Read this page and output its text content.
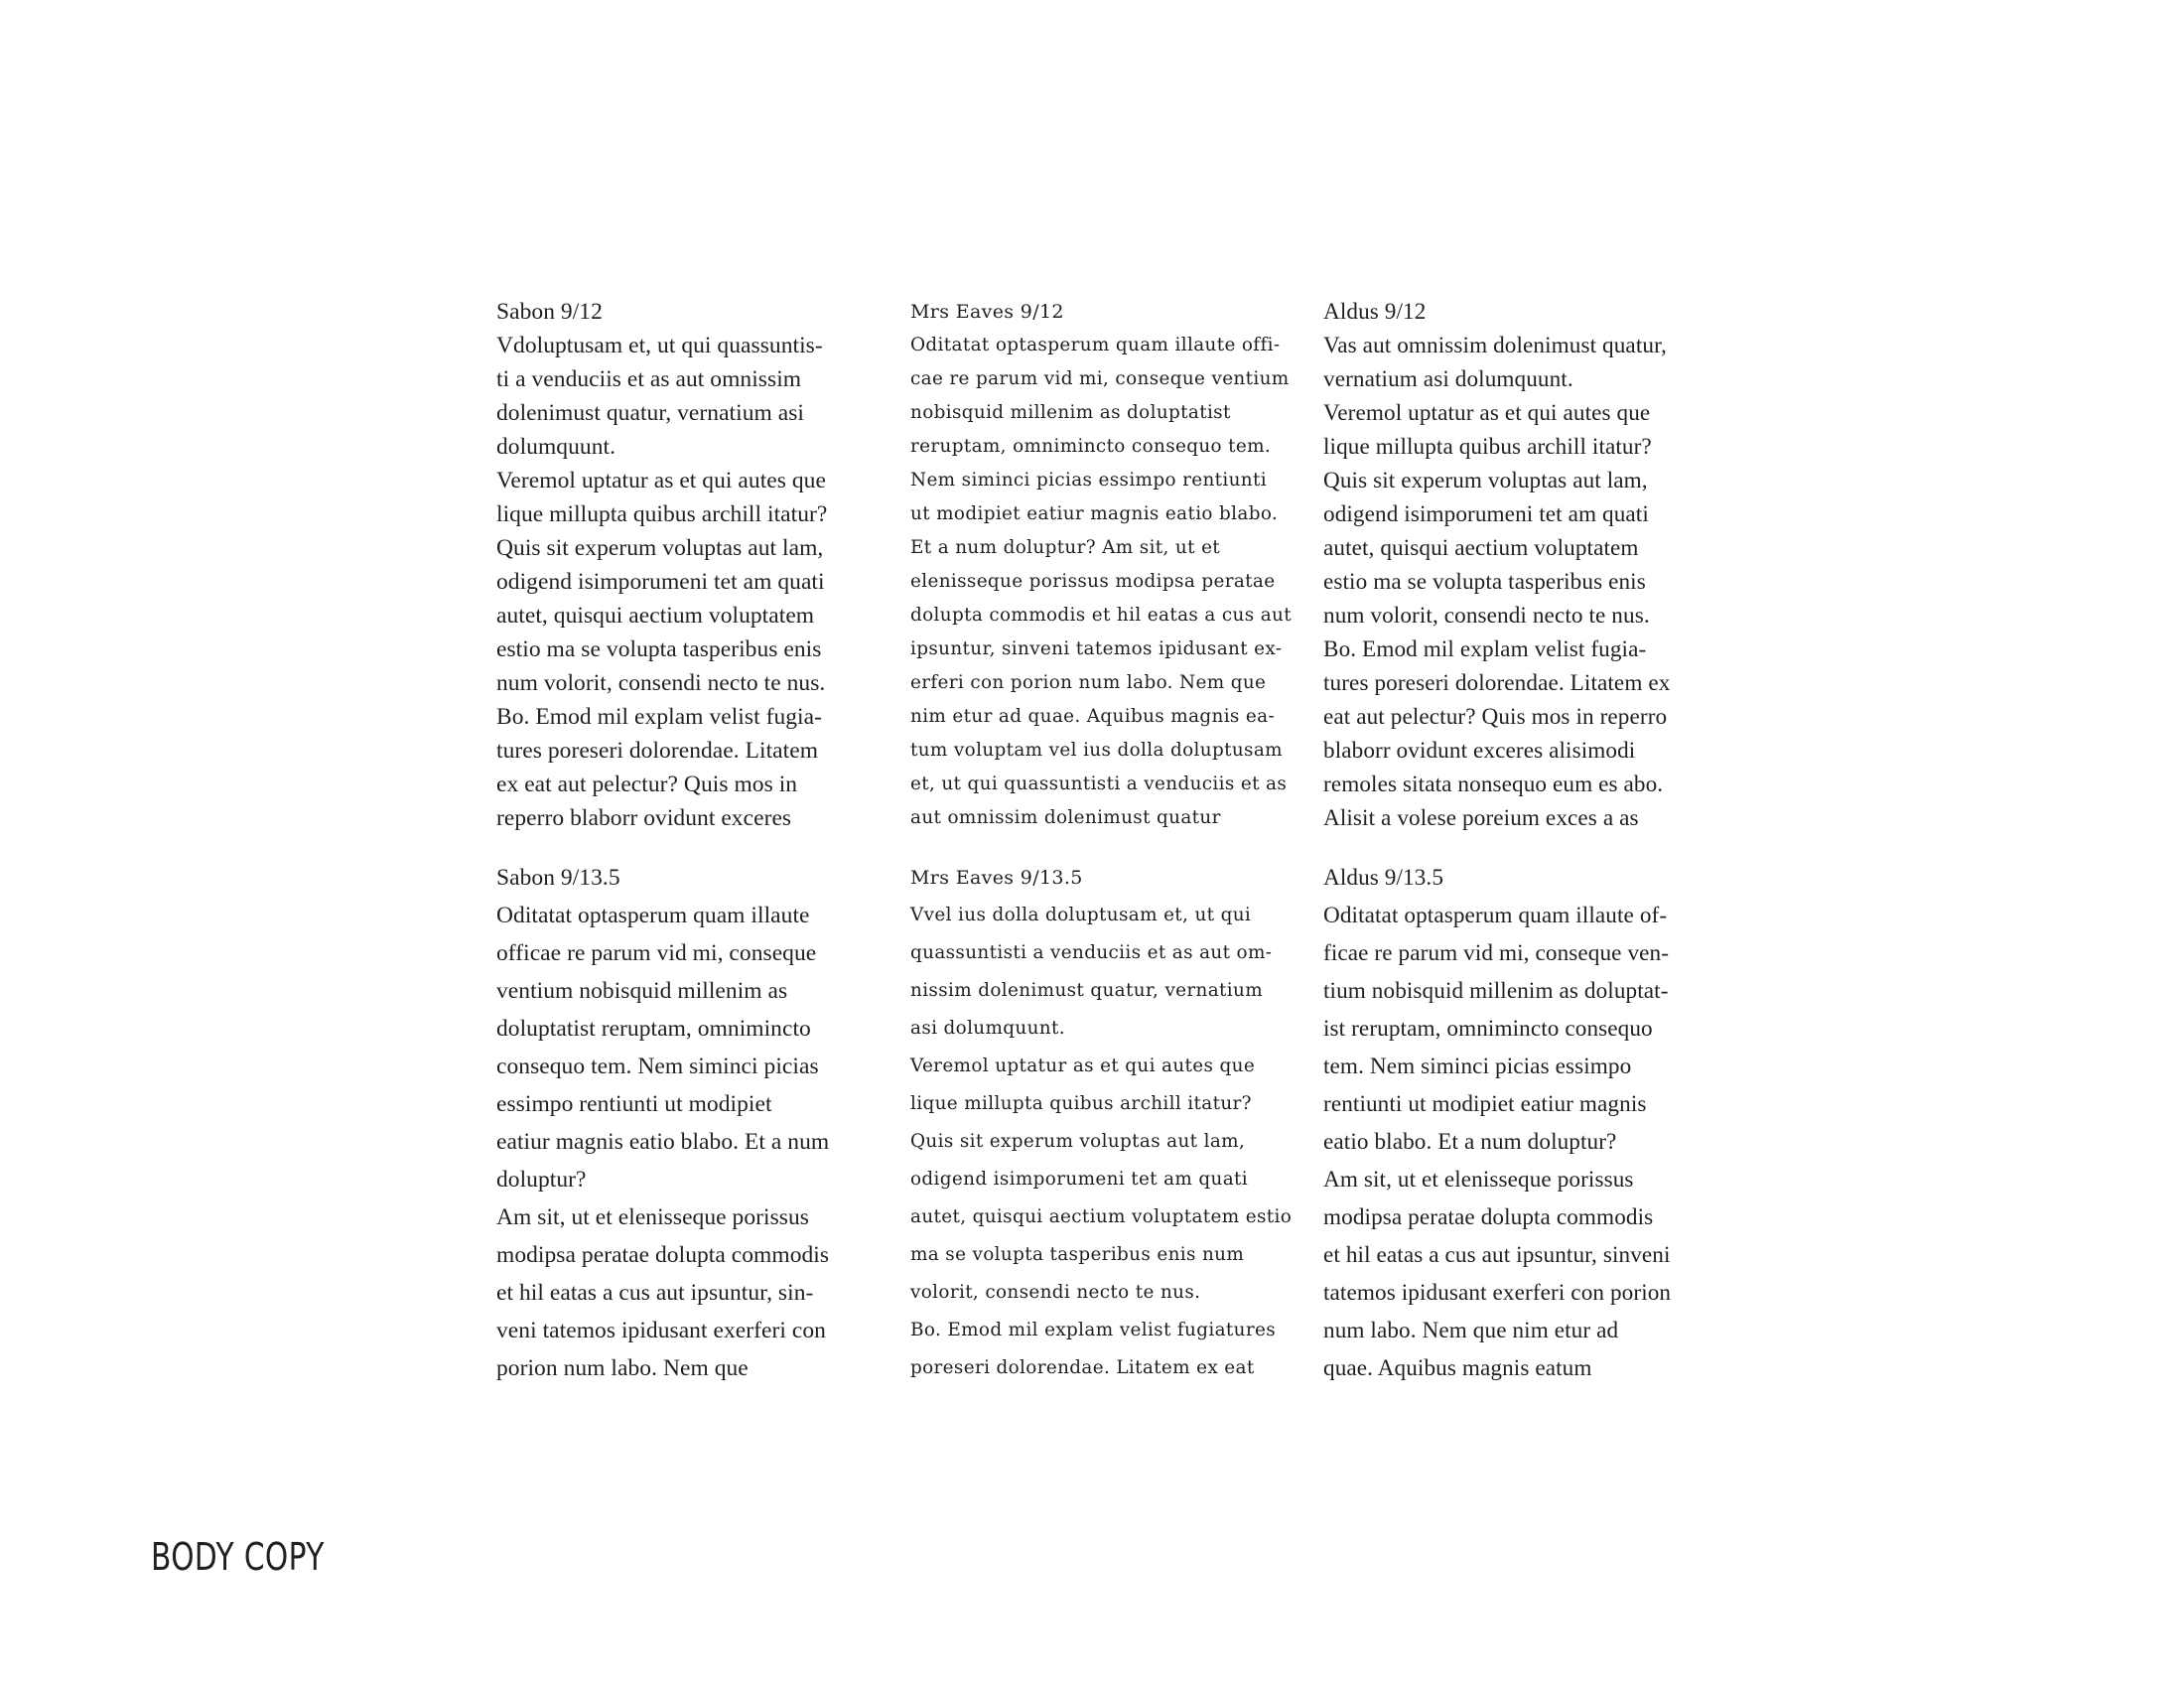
Sabon 9/12

Vdoluptusam et, ut qui quassuntis-

ti a venduciis et as aut omnissim

dolenimust quatur, vernatium asi

dolumquunt.

Veremol uptatur as et qui autes que

lique millupta quibus archill itatur?

Quis sit experum voluptas aut lam,

odigend isimporumeni tet am quati

autet, quisqui aectium voluptatem

estio ma se volupta tasperibus enis

num volorit, consendi necto te nus.

Bo. Emod mil explam velist fugia-

tures poreseri dolorendae. Litatem

ex eat aut pelectur? Quis mos in

reperro blaborr ovidunt exceres

Mrs Eaves 9/12

Oditatat optasperum quam illaute offi-

cae re parum vid mi, conseque ventium

nobisquid millenim as doluptatist

reruptam, omnimincto consequo tem.

Nem siminci picias essimpo rentiunti

ut modipiet eatiur magnis eatio blabo.

Et a num doluptur? Am sit, ut et

elenisseque porissus modipsa peratae

dolupta commodis et hil eatas a cus aut

ipsuntur, sinveni tatemos ipidusant ex-

erferi con porion num labo. Nem que

nim etur ad quae. Aquibus magnis ea-

tum voluptam vel ius dolla doluptusam

et, ut qui quassuntisti a venduciis et as

aut omnissim dolenimust quatur

Aldus 9/12

Vas aut omnissim dolenimust quatur,

vernatium asi dolumquunt.

Veremol uptatur as et qui autes que

lique millupta quibus archill itatur?

Quis sit experum voluptas aut lam,

odigend isimporumeni tet am quati

autet, quisqui aectium voluptatem

estio ma se volupta tasperibus enis

num volorit, consendi necto te nus.

Bo. Emod mil explam velist fugia-

tures poreseri dolorendae. Litatem ex

eat aut pelectur? Quis mos in reperro

blaborr ovidunt exceres alisimodi

remoles sitata nonsequo eum es abo.

Alisit a volese poreium exces a as

Sabon 9/13.5

Oditatat optasperum quam illaute

officae re parum vid mi, conseque

ventium nobisquid millenim as

doluptatist reruptam, omnimincto

consequo tem. Nem siminci picias

essimpo rentiunti ut modipiet

eatiur magnis eatio blabo. Et a num

doluptur?

Am sit, ut et elenisseque porissus

modipsa peratae dolupta commodis

et hil eatas a cus aut ipsuntur, sin-

veni tatemos ipidusant exerferi con

porion num labo. Nem que

Mrs Eaves 9/13.5

Vvel ius dolla doluptusam et, ut qui

quassuntisti a venduciis et as aut om-

nissim dolenimust quatur, vernatium

asi dolumquunt.

Veremol uptatur as et qui autes que

lique millupta quibus archill itatur?

Quis sit experum voluptas aut lam,

odigend isimporumeni tet am quati

autet, quisqui aectium voluptatem estio

ma se volupta tasperibus enis num

volorit, consendi necto te nus.

Bo. Emod mil explam velist fugiatures

poreseri dolorendae. Litatem ex eat

Aldus 9/13.5

Oditatat optasperum quam illaute of-

ficae re parum vid mi, conseque ven-

tium nobisquid millenim as doluptat-

ist reruptam, omnimincto consequo

tem. Nem siminci picias essimpo

rentiunti ut modipiet eatiur magnis

eatio blabo. Et a num doluptur?

Am sit, ut et elenisseque porissus

modipsa peratae dolupta commodis

et hil eatas a cus aut ipsuntur, sinveni

tatemos ipidusant exerferi con porion

num labo. Nem que nim etur ad

quae. Aquibus magnis eatum

BODY COPY
